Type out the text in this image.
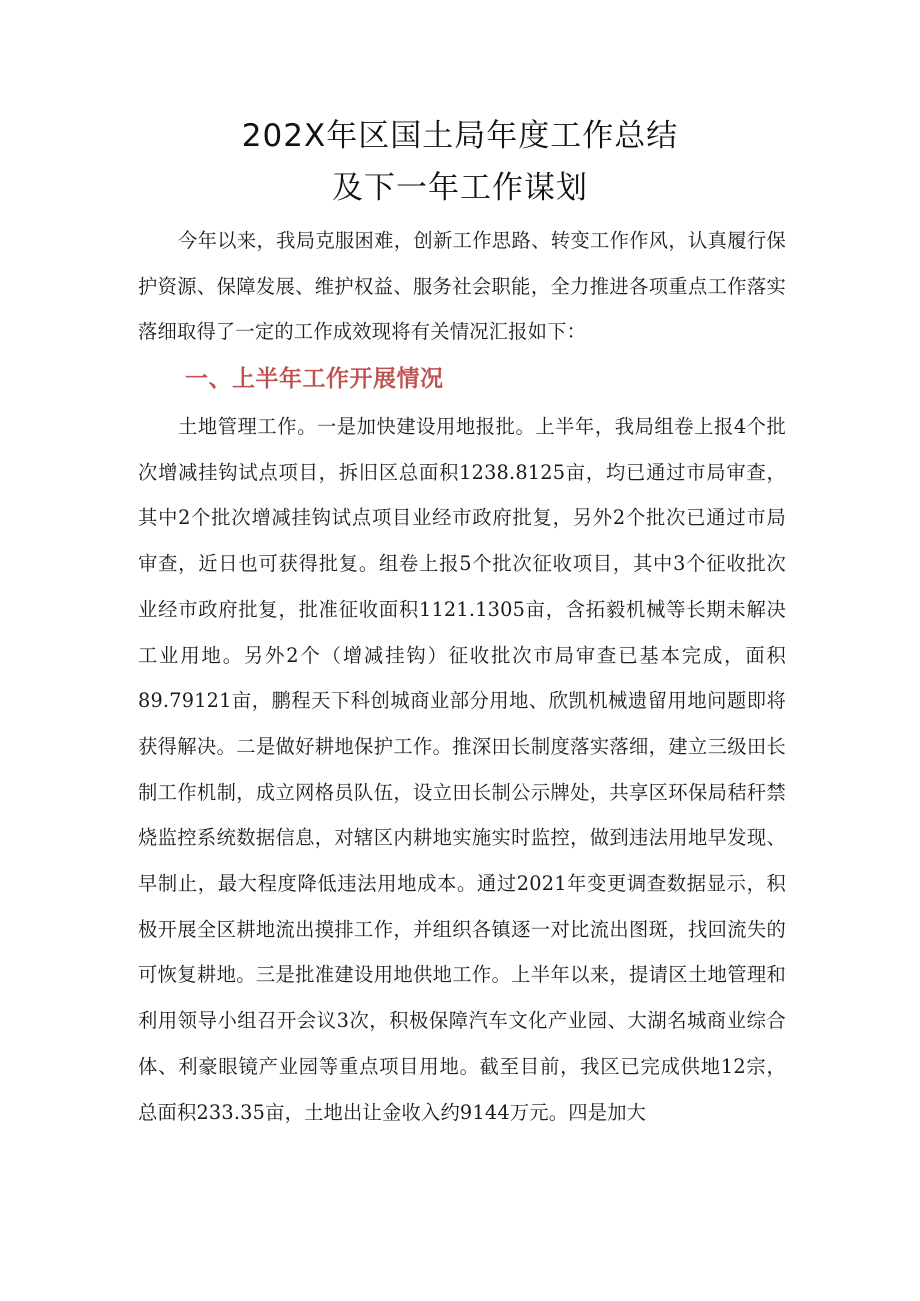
202X年区国土局年度工作总结
及下一年工作谋划

今年以来，我局克服困难，创新工作思路、转变工作作风，认真履行保护资源、保障发展、维护权益、服务社会职能，全力推进各项重点工作落实落细取得了一定的工作成效现将有关情况汇报如下：

一、上半年工作开展情况

土地管理工作。一是加快建设用地报批。上半年，我局组卷上报4个批次增减挂钩试点项目，拆旧区总面积1238.8125亩，均已通过市局审查，其中2个批次增减挂钩试点项目业经市政府批复，另外2个批次已通过市局审查，近日也可获得批复。组卷上报5个批次征收项目，其中3个征收批次业经市政府批复，批准征收面积1121.1305亩，含拓毅机械等长期未解决工业用地。另外2个（增减挂钩）征收批次市局审查已基本完成，面积89.79121亩，鹏程天下科创城商业部分用地、欣凯机械遗留用地问题即将获得解决。二是做好耕地保护工作。推深田长制度落实落细，建立三级田长制工作机制，成立网格员队伍，设立田长制公示牌处，共享区环保局秸秆禁烧监控系统数据信息，对辖区内耕地实施实时监控，做到违法用地早发现、早制止，最大程度降低违法用地成本。通过2021年变更调查数据显示，积极开展全区耕地流出摸排工作，并组织各镇逐一对比流出图斑，找回流失的可恢复耕地。三是批准建设用地供地工作。上半年以来，提请区土地管理和利用领导小组召开会议3次，积极保障汽车文化产业园、大湖名城商业综合体、利豪眼镜产业园等重点项目用地。截至目前，我区已完成供地12宗，总面积233.35亩，土地出让金收入约9144万元。四是加大
